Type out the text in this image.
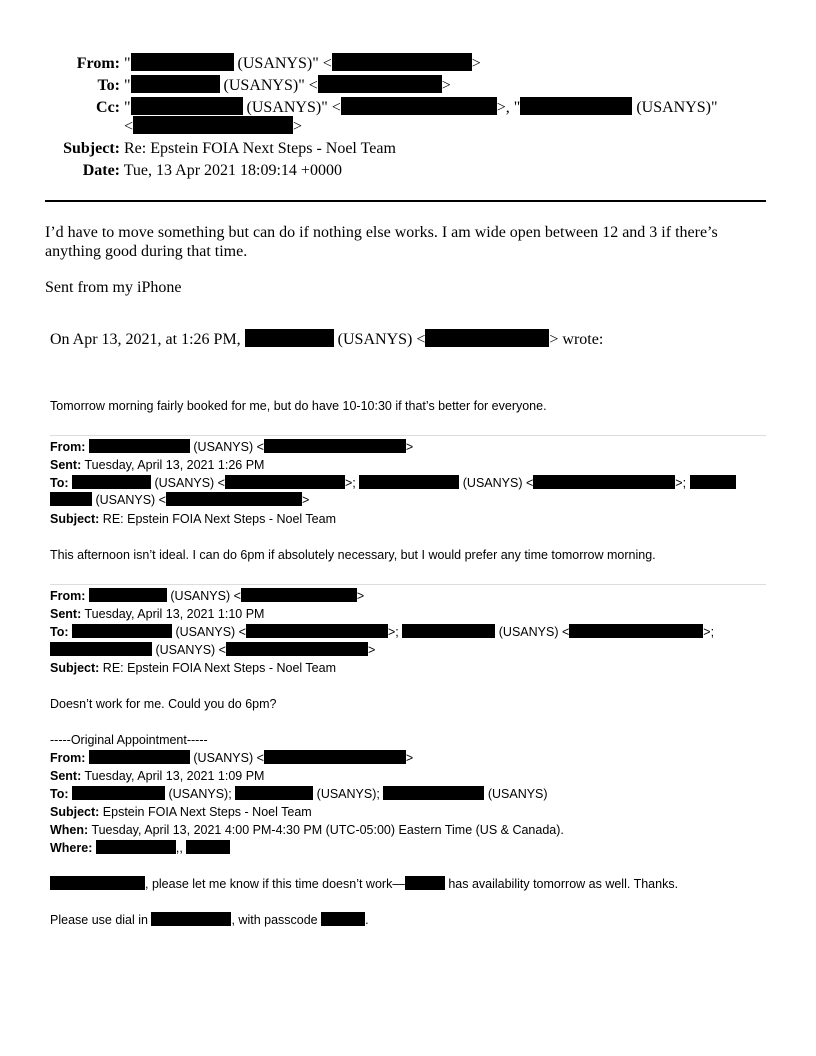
From: "	(USANYS)" <	>
To: "	(USANYS)" <	>
Cc: "	(USANYS)" <	>, "	(USANYS)"
<	>
Subject: Re: Epstein FOIA Next Steps - Noel Team
Date: Tue, 13 Apr 2021 18:09:14 +0000
I’d have to move something but can do if nothing else works. I am wide open between 12 and 3 if there’s
anything good during that time.
Sent from my iPhone
On Apr 13, 2021, at 1:26 PM,	(USANYS) <	> wrote:
Tomorrow morning fairly booked for me, but do have 10-10:30 if that’s better for everyone.
From:	(USANYS) <	>
Sent: Tuesday, April 13, 2021 1:26 PM
To:	(USANYS) <	>;	(USANYS) <	>;
(USANYS) <	>
Subject: RE: Epstein FOIA Next Steps - Noel Team
This afternoon isn’t ideal. I can do 6pm if absolutely necessary, but I would prefer any time tomorrow morning.
From:	(USANYS) <	>
Sent: Tuesday, April 13, 2021 1:10 PM
To:	(USANYS) <	>;	(USANYS) <	>;
(USANYS) <	>
Subject: RE: Epstein FOIA Next Steps - Noel Team
Doesn’t work for me. Could you do 6pm?
-----Original Appointment-----
From:	(USANYS) <	>
Sent: Tuesday, April 13, 2021 1:09 PM
To:	(USANYS);	(USANYS);	(USANYS)
Subject: Epstein FOIA Next Steps - Noel Team
When: Tuesday, April 13, 2021 4:00 PM-4:30 PM (UTC-05:00) Eastern Time (US & Canada).
Where:	,,
, please let me know if this time doesn’t work—	has availability tomorrow as well. Thanks.
Please use dial in	, with passcode	.
